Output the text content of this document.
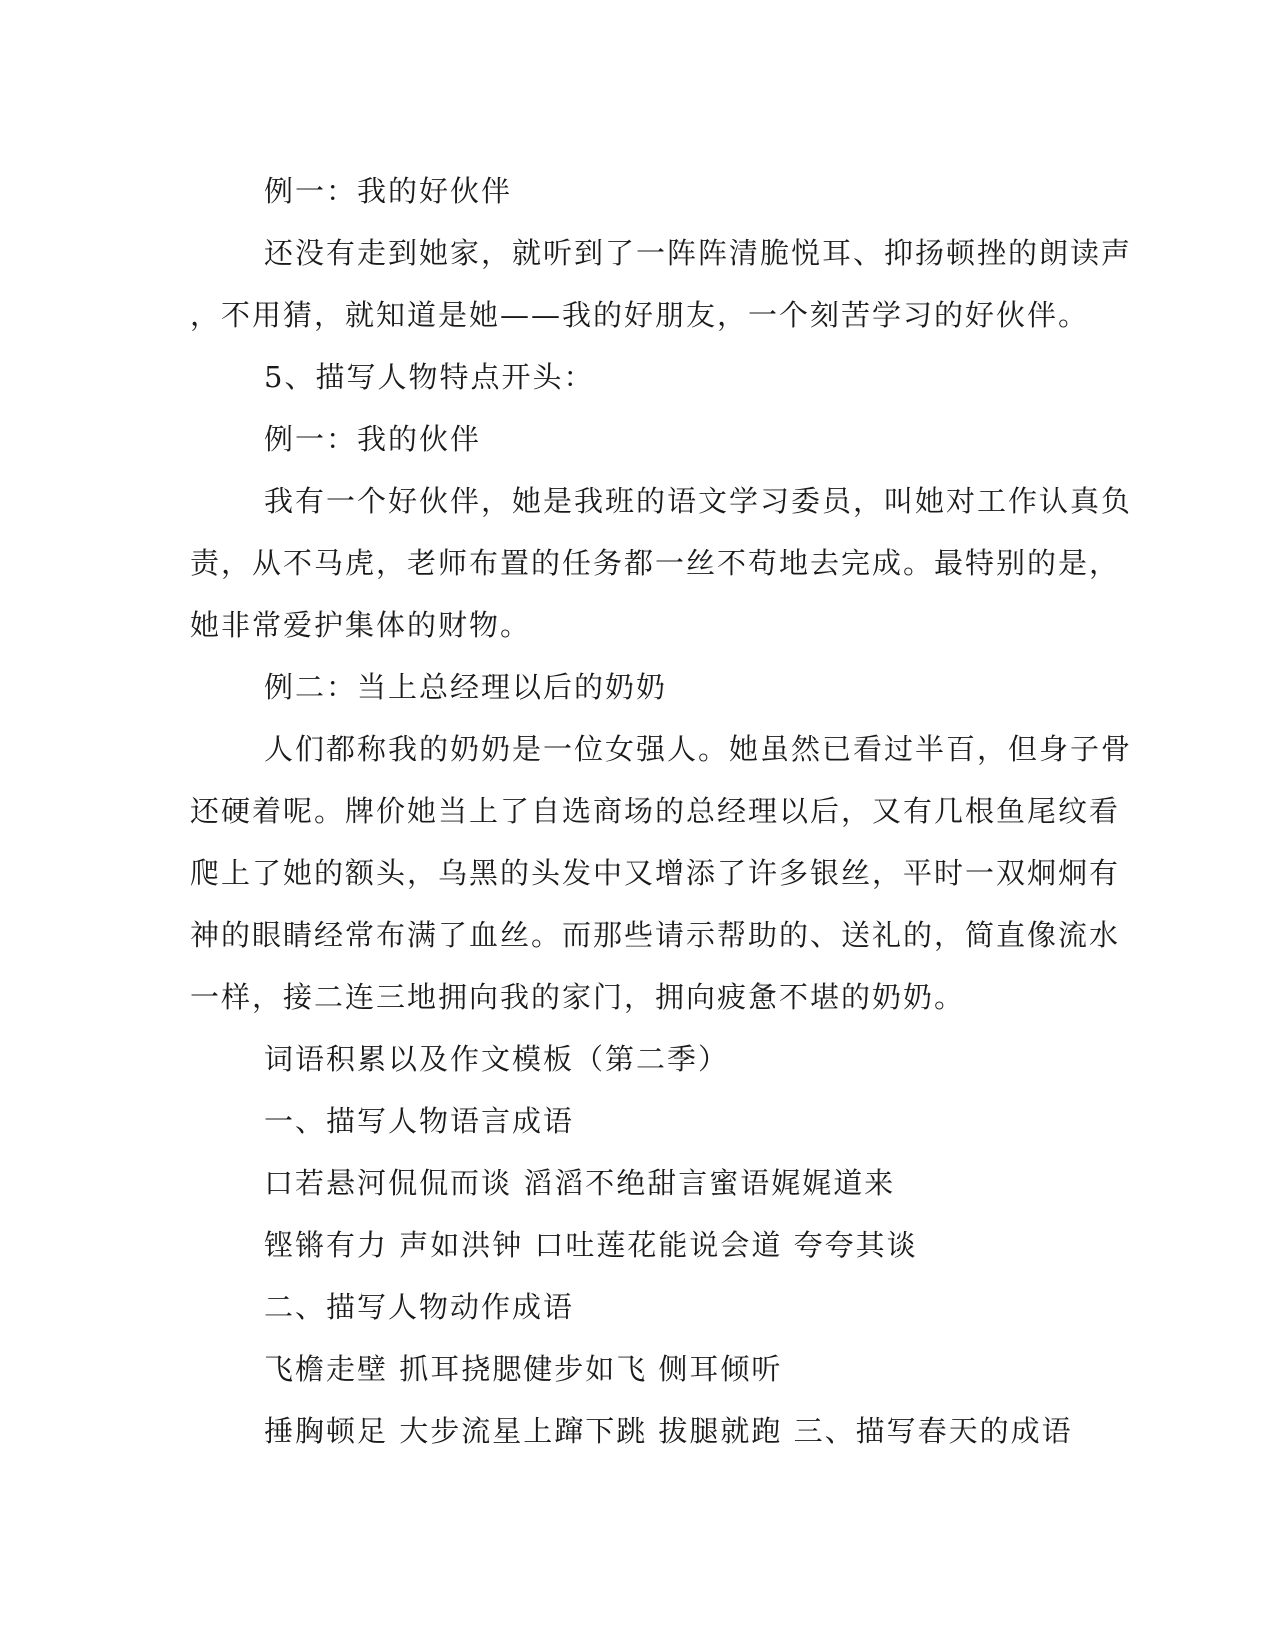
例一：我的好伙伴

还没有走到她家，就听到了一阵阵清脆悦耳、抑扬顿挫的朗读声

，不用猜，就知道是她——我的好朋友，一个刻苦学习的好伙伴。

5、描写人物特点开头：

例一：我的伙伴

我有一个好伙伴，她是我班的语文学习委员，叫她对工作认真负

责，从不马虎，老师布置的任务都一丝不苟地去完成。最特别的是，

她非常爱护集体的财物。

例二：当上总经理以后的奶奶

人们都称我的奶奶是一位女强人。她虽然已看过半百，但身子骨

还硬着呢。牌价她当上了自选商场的总经理以后，又有几根鱼尾纹看

爬上了她的额头，乌黑的头发中又增添了许多银丝，平时一双炯炯有

神的眼睛经常布满了血丝。而那些请示帮助的、送礼的，简直像流水

一样，接二连三地拥向我的家门，拥向疲惫不堪的奶奶。

词语积累以及作文模板（第二季）

一、描写人物语言成语

口若悬河侃侃而谈 滔滔不绝甜言蜜语娓娓道来

铿锵有力 声如洪钟 口吐莲花能说会道 夸夸其谈

二、描写人物动作成语

飞檐走壁 抓耳挠腮健步如飞 侧耳倾听

捶胸顿足 大步流星上蹿下跳 拔腿就跑 三、描写春天的成语
